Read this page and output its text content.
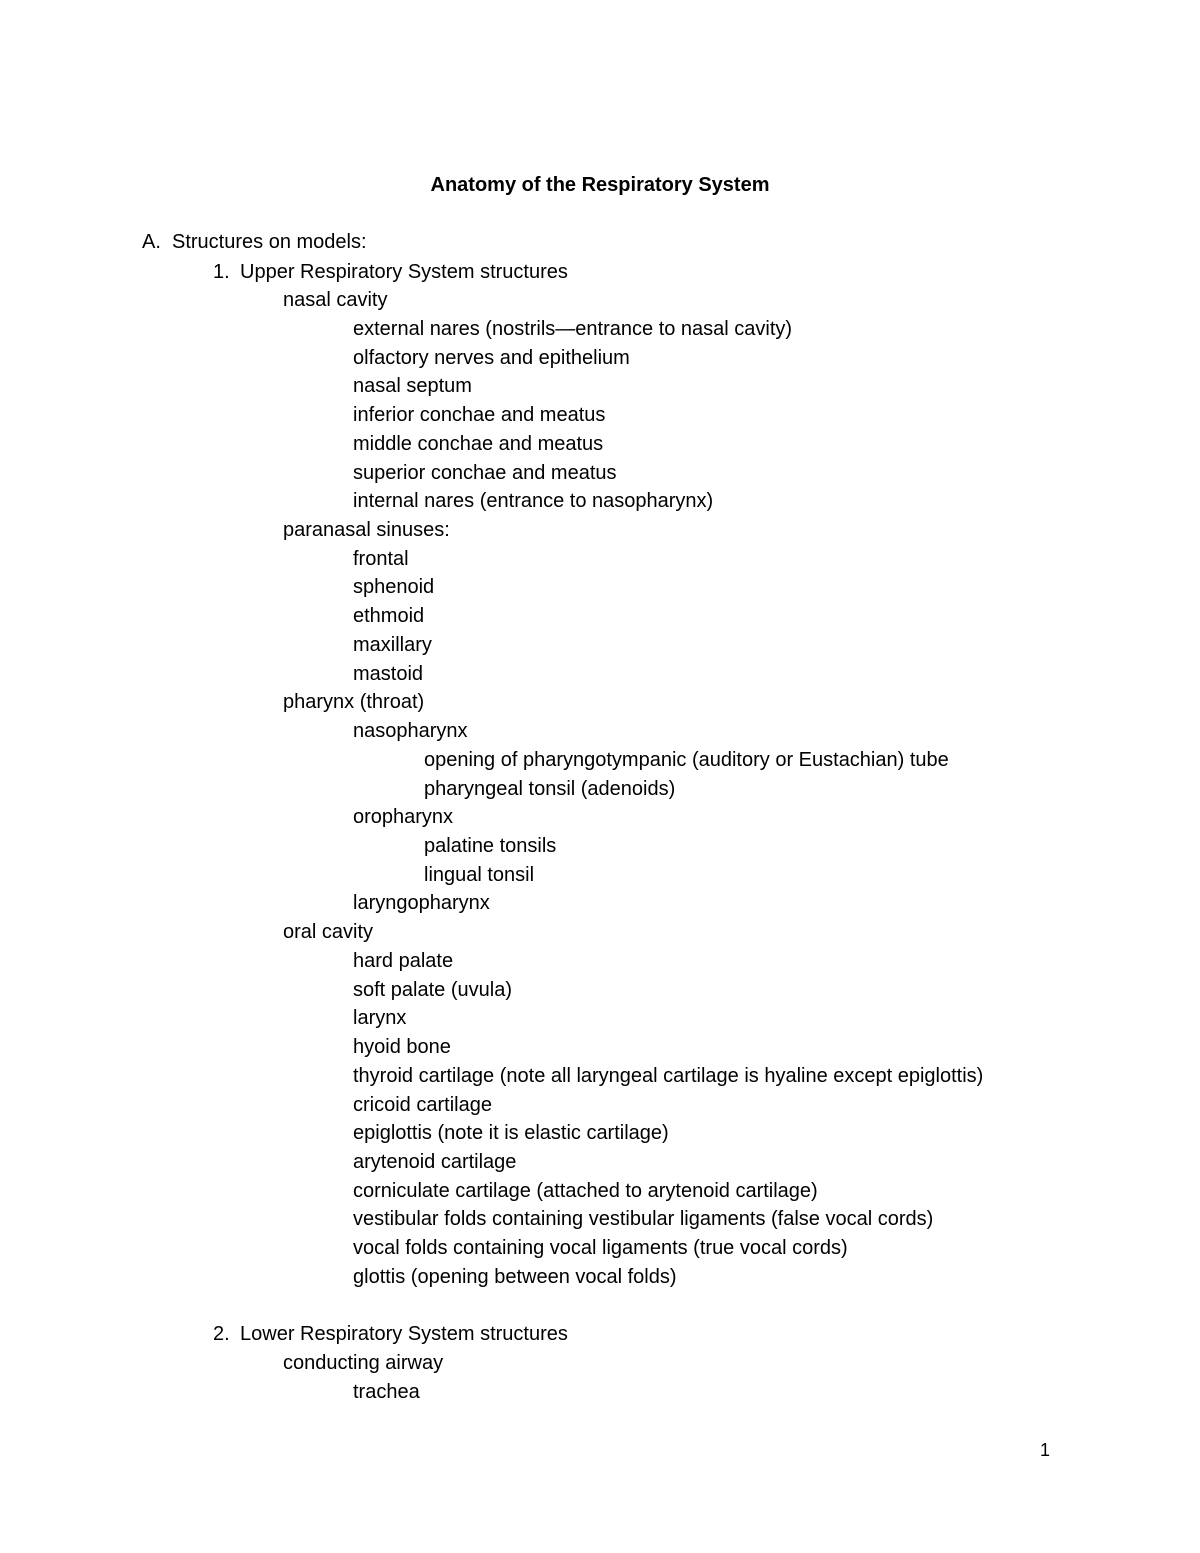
Anatomy of the Respiratory System
A. Structures on models:
1. Upper Respiratory System structures
nasal cavity
external nares (nostrils—entrance to nasal cavity)
olfactory nerves and epithelium
nasal septum
inferior conchae and meatus
middle conchae and meatus
superior conchae and meatus
internal nares (entrance to nasopharynx)
paranasal sinuses:
frontal
sphenoid
ethmoid
maxillary
mastoid
pharynx (throat)
nasopharynx
opening of pharyngotympanic (auditory or Eustachian) tube
pharyngeal tonsil (adenoids)
oropharynx
palatine tonsils
lingual tonsil
laryngopharynx
oral cavity
hard palate
soft palate (uvula)
larynx
hyoid bone
thyroid cartilage (note all laryngeal cartilage is hyaline except epiglottis)
cricoid cartilage
epiglottis (note it is elastic cartilage)
arytenoid cartilage
corniculate cartilage (attached to arytenoid cartilage)
vestibular folds containing vestibular ligaments (false vocal cords)
vocal folds containing vocal ligaments (true vocal cords)
glottis (opening between vocal folds)
2. Lower Respiratory System structures
conducting airway
trachea
1
